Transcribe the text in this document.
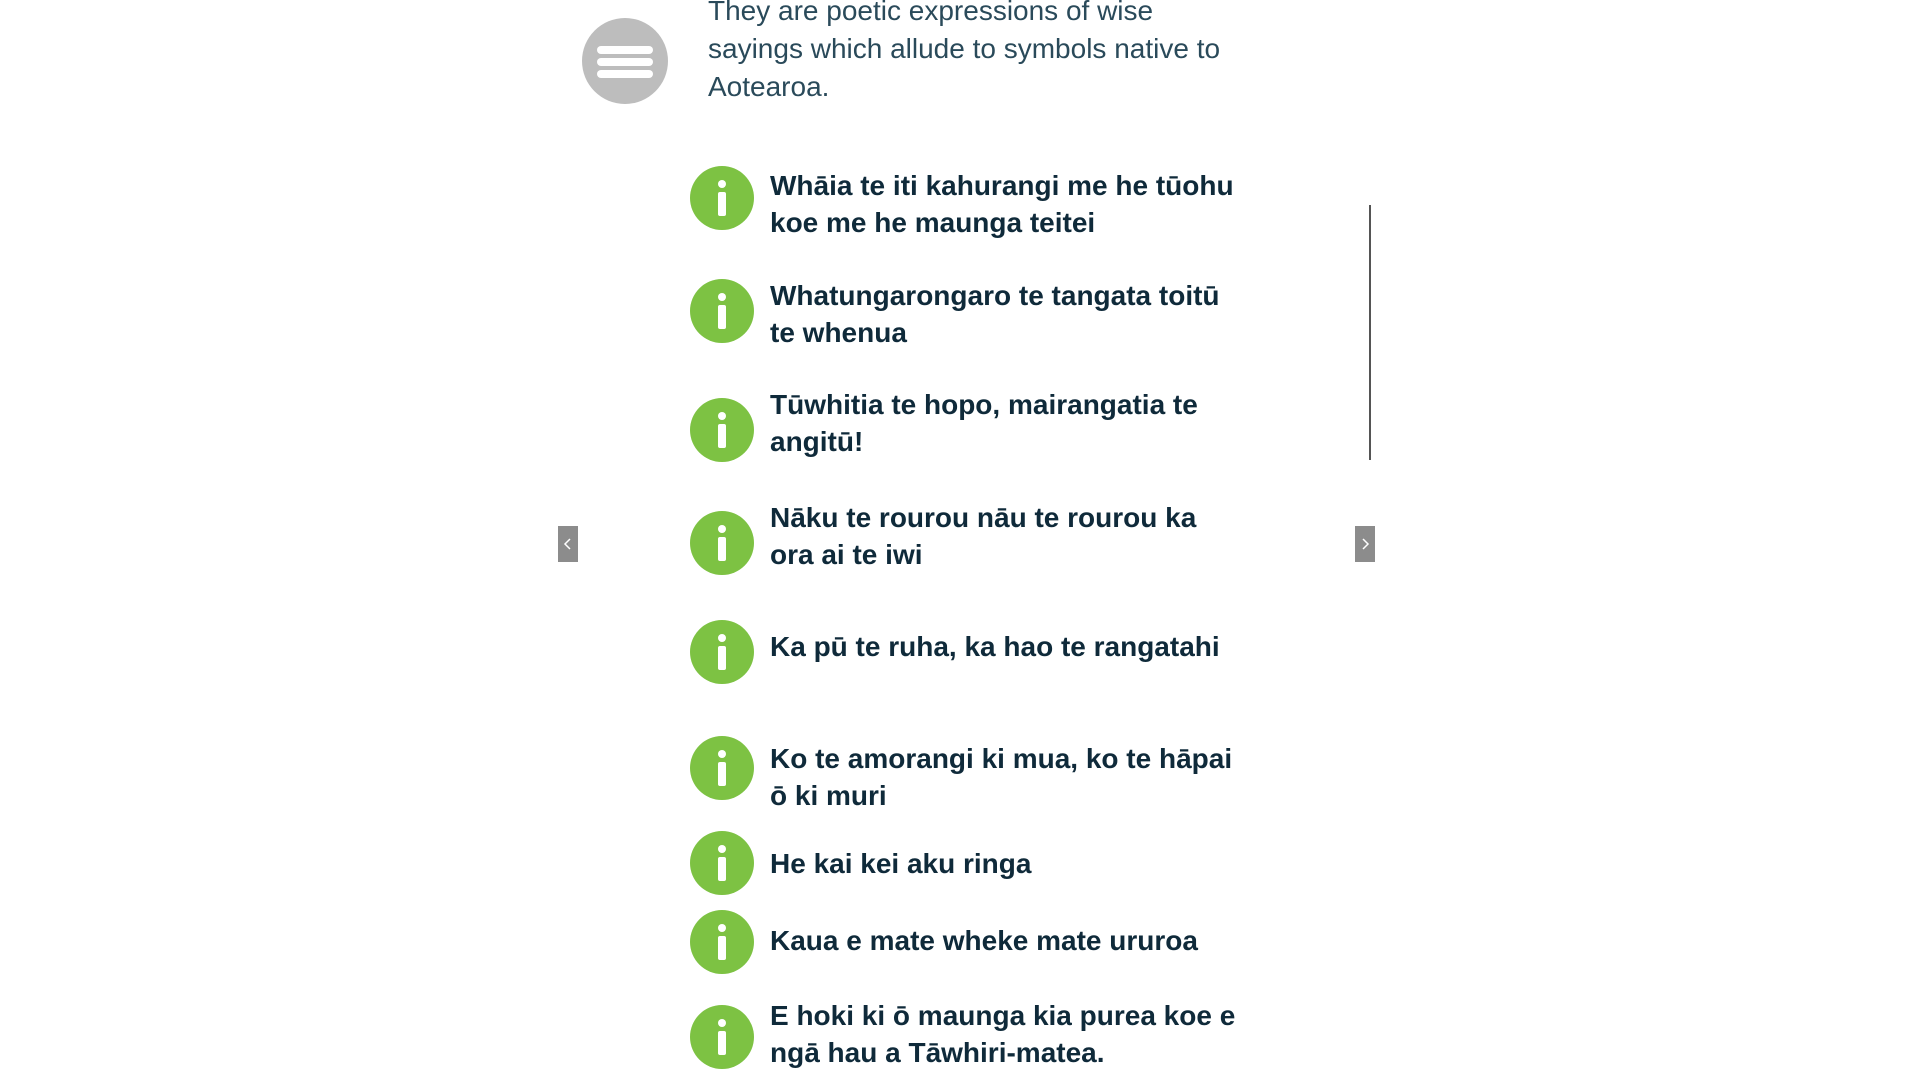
They are poetic expressions of wise sayings which allude to symbols native to Aotearoa.

Whāia te iti kahurangi me he tūohu koe me he maunga teitei

Whatungarongaro te tangata toitū te whenua

Tūwhitia te hopo, mairangatia te angitū!

Nāku te rourou nāu te rourou ka ora ai te iwi

Ka pū te ruha, ka hao te rangatahi

Ko te amorangi ki mua, ko te hāpai ō ki muri

He kai kei aku ringa

Kaua e mate wheke mate ururoa

E hoki ki ō maunga kia purea koe e ngā hau a Tāwhiri-matea.
